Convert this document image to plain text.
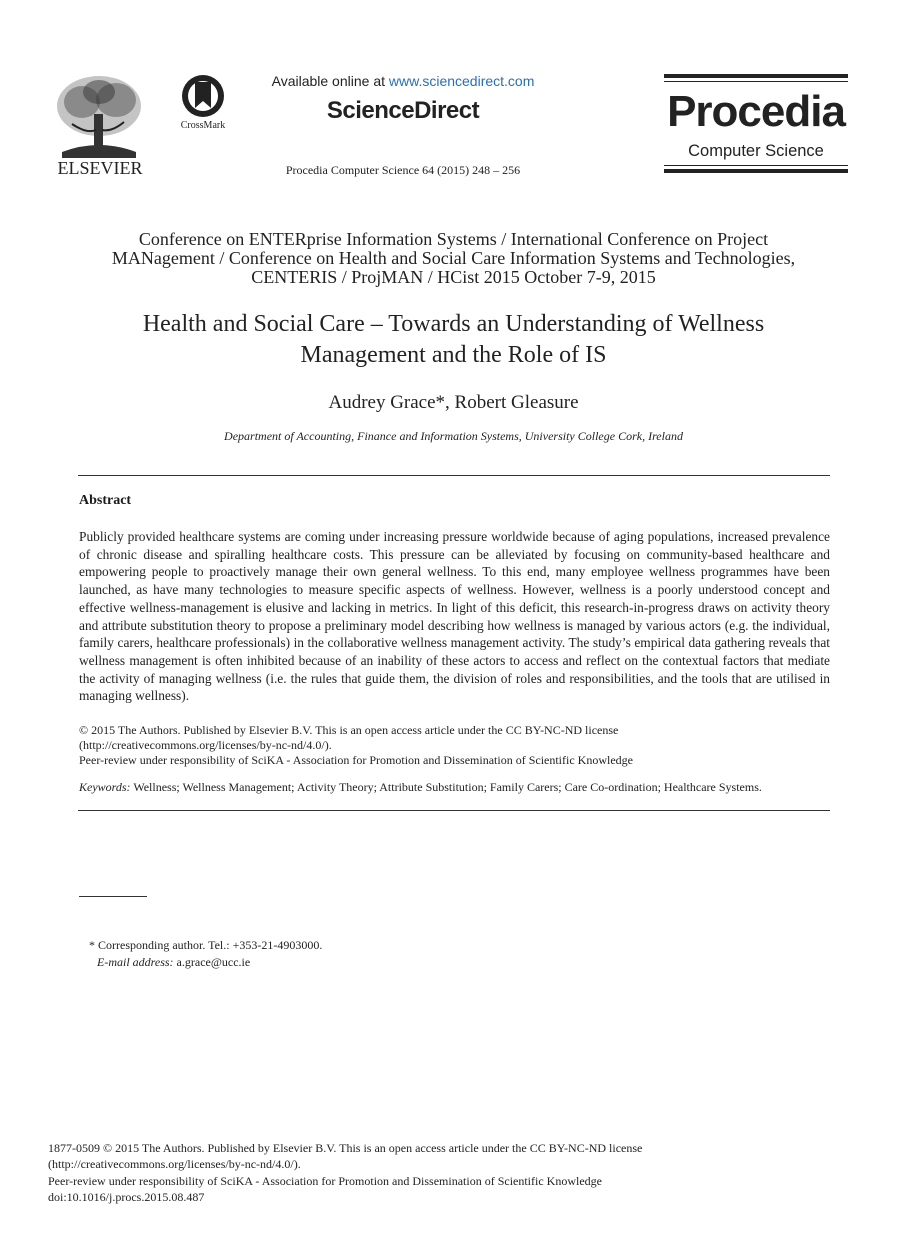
ELSEVIER
CrossMark
Available online at www.sciencedirect.com
ScienceDirect
Procedia Computer Science 64 (2015) 248 – 256
Procedia
Computer Science
Conference on ENTERprise Information Systems / International Conference on Project
MANagement / Conference on Health and Social Care Information Systems and Technologies,
CENTERIS / ProjMAN / HCist 2015 October 7-9, 2015
Health and Social Care – Towards an Understanding of Wellness
Management and the Role of IS
Audrey Grace*, Robert Gleasure
Department of Accounting, Finance and Information Systems, University College Cork, Ireland
Abstract
Publicly provided healthcare systems are coming under increasing pressure worldwide because of aging populations, increased prevalence of chronic disease and spiralling healthcare costs. This pressure can be alleviated by focusing on community-based healthcare and empowering people to proactively manage their own general wellness. To this end, many employee wellness programmes have been launched, as have many technologies to measure specific aspects of wellness. However, wellness is a poorly understood concept and effective wellness-management is elusive and lacking in metrics. In light of this deficit, this research-in-progress draws on activity theory and attribute substitution theory to propose a preliminary model describing how wellness is managed by various actors (e.g. the individual, family carers, healthcare professionals) in the collaborative wellness management activity. The study’s empirical data gathering reveals that wellness management is often inhibited because of an inability of these actors to access and reflect on the contextual factors that mediate the activity of managing wellness (i.e. the rules that guide them, the division of roles and responsibilities, and the tools that are utilised in managing wellness).
© 2015 The Authors. Published by Elsevier B.V. This is an open access article under the CC BY-NC-ND license
(http://creativecommons.org/licenses/by-nc-nd/4.0/).
Peer-review under responsibility of SciKA - Association for Promotion and Dissemination of Scientific Knowledge
Keywords: Wellness; Wellness Management; Activity Theory; Attribute Substitution; Family Carers; Care Co-ordination; Healthcare Systems.
* Corresponding author. Tel.: +353-21-4903000.
E-mail address: a.grace@ucc.ie
1877-0509 © 2015 The Authors. Published by Elsevier B.V. This is an open access article under the CC BY-NC-ND license
(http://creativecommons.org/licenses/by-nc-nd/4.0/).
Peer-review under responsibility of SciKA - Association for Promotion and Dissemination of Scientific Knowledge
doi:10.1016/j.procs.2015.08.487
